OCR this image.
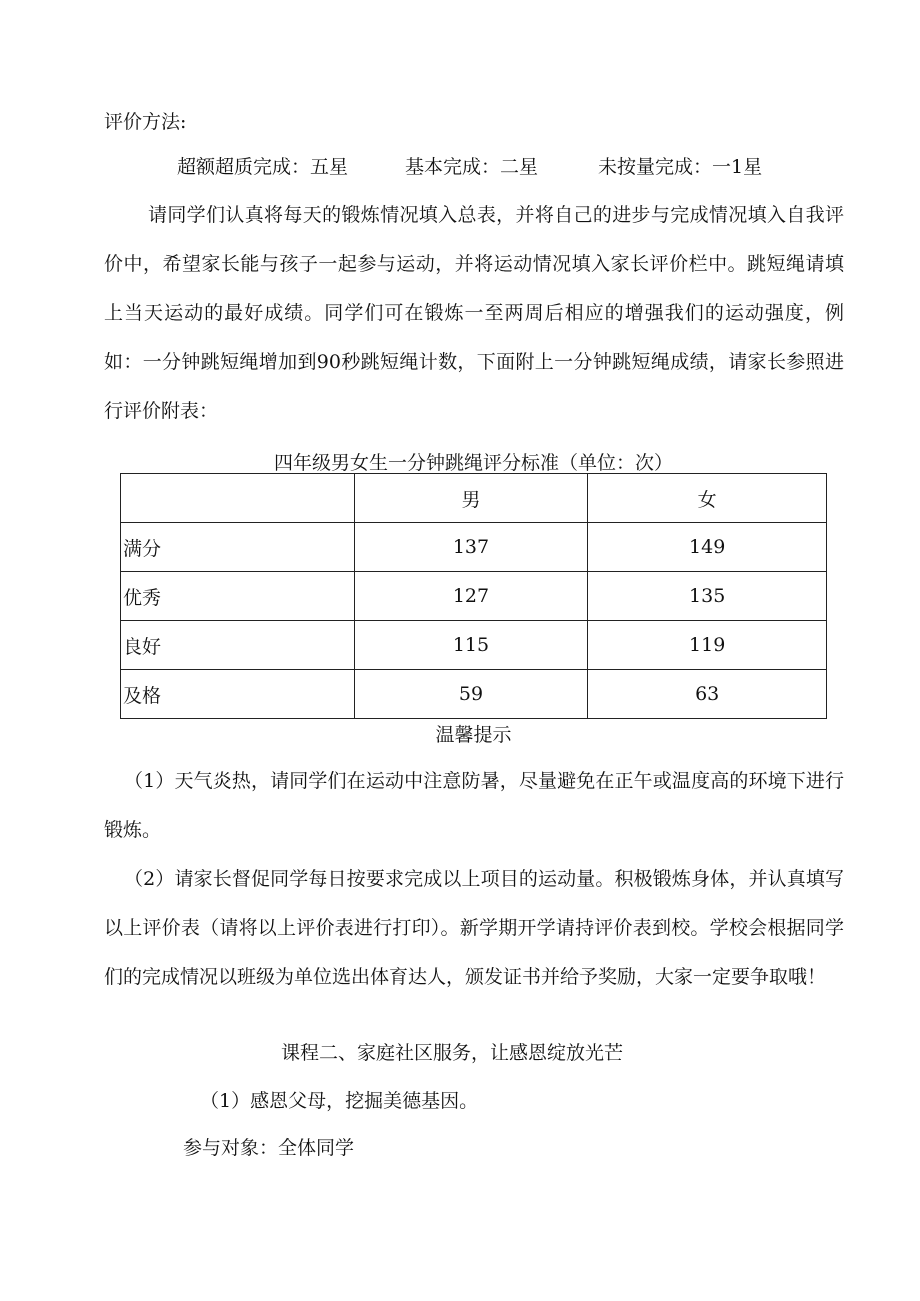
评价方法:
超额超质完成：五星	基本完成：二星	未按量完成：一1星
请同学们认真将每天的锻炼情况填入总表，并将自己的进步与完成情况填入自我评价中，希望家长能与孩子一起参与运动，并将运动情况填入家长评价栏中。跳短绳请填上当天运动的最好成绩。同学们可在锻炼一至两周后相应的增强我们的运动强度，例如：一分钟跳短绳增加到90秒跳短绳计数，下面附上一分钟跳短绳成绩，请家长参照进行评价附表：
四年级男女生一分钟跳绳评分标准（单位：次）
	男	女
满分	137	149
优秀	127	135
良好	115	119
及格	59	63
温馨提示
（1）天气炎热，请同学们在运动中注意防暑，尽量避免在正午或温度高的环境下进行锻炼。
（2）请家长督促同学每日按要求完成以上项目的运动量。积极锻炼身体，并认真填写以上评价表（请将以上评价表进行打印）。新学期开学请持评价表到校。学校会根据同学们的完成情况以班级为单位选出体育达人，颁发证书并给予奖励，大家一定要争取哦！
课程二、家庭社区服务，让感恩绽放光芒
（1）感恩父母，挖掘美德基因。
参与对象：全体同学
